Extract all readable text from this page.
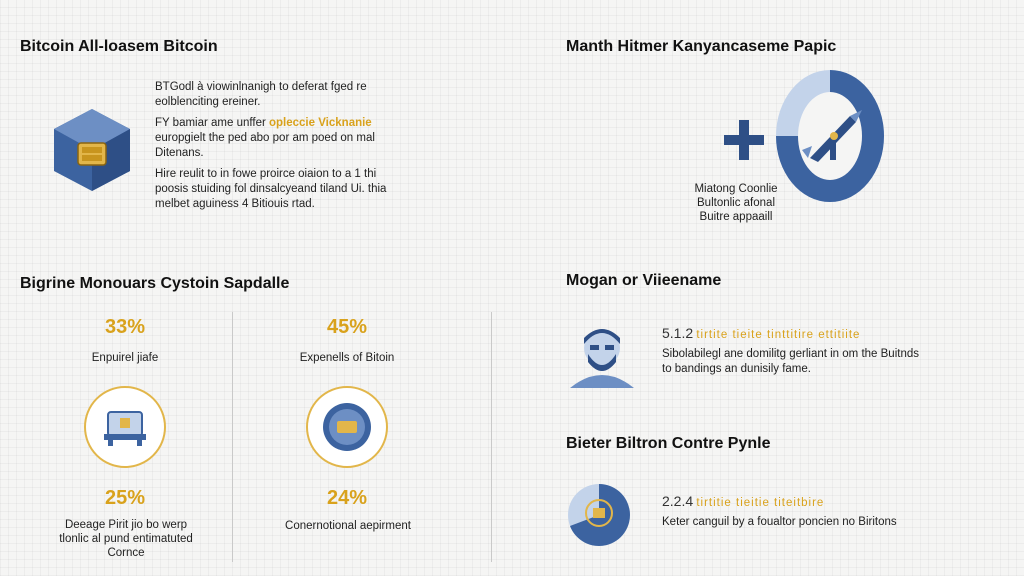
Bitcoin All-loasem Bitcoin
BTGodl à viowinlnanigh to deferat fged re
eolblenciting ereiner.
FY bamiar ame unffer opleccie Vicknanie
europgielt the ped abo por am poed on mal
Ditenans.
Hire reulit to in fowe proirce oiaion to a 1 thi
poosis stuiding fol dinsalcyeand tiland Ui. thia
melbet aguiness 4 Bitiouis rtad.
Manth Hitmer Kanyancaseme Papic
Miatong Coonlie
Bultonlic afonal
Buitre appaaill
Bigrine Monouars Cystoin Sapdalle
33%
Enpuirel jiafe
45%
Expenells of Bitoin
25%
Deeage Pirit jio bo werp tlonlic al pund entimatuted Cornce
24%
Conernotional aepirment
Mogan or Viieename
5.1.2 tirtite tieite tinttitire ettitiite
Sibolabilegl ane domilitg gerliant in om the Buitnds
to bandings an dunisily fame.
Bieter Biltron Contre Pynle
2.2.4 tirtitie tieitie titeitbire
Keter canguil by a foualtor poncien no Biritons
